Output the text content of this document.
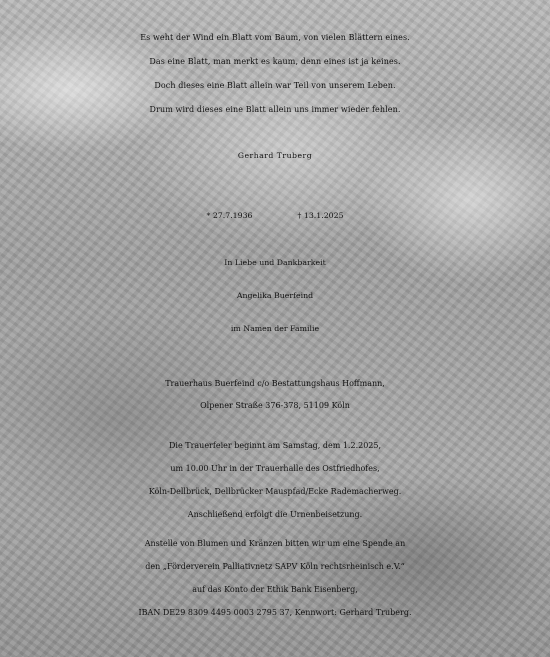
Es weht der Wind ein Blatt vom Baum, von vielen Blättern eines.
Das eine Blatt, man merkt es kaum, denn eines ist ja keines.
Doch dieses eine Blatt allein war Teil von unserem Leben.
Drum wird dieses eine Blatt allein uns immer wieder fehlen.
Gerhard Truberg
* 27.7.1936	† 13.1.2025
In Liebe und Dankbarkeit
Angelika Buerfeind
im Namen der Familie
Trauerhaus Buerfeind c/o Bestattungshaus Hoffmann,
Olpener Straße 376-378, 51109 Köln
Die Trauerfeier beginnt am Samstag, dem 1.2.2025,
um 10.00 Uhr in der Trauerhalle des Ostfriedhofes,
Köln-Dellbrück, Dellbrücker Mauspfad/Ecke Rademacherweg.
Anschließend erfolgt die Urnenbeisetzung.
Anstelle von Blumen und Kränzen bitten wir um eine Spende an
den „Förderverein Palliativnetz SAPV Köln rechtsrheinisch e.V.“
auf das Konto der Ethik Bank Eisenberg,
IBAN DE29 8309 4495 0003 2795 37, Kennwort: Gerhard Truberg.
